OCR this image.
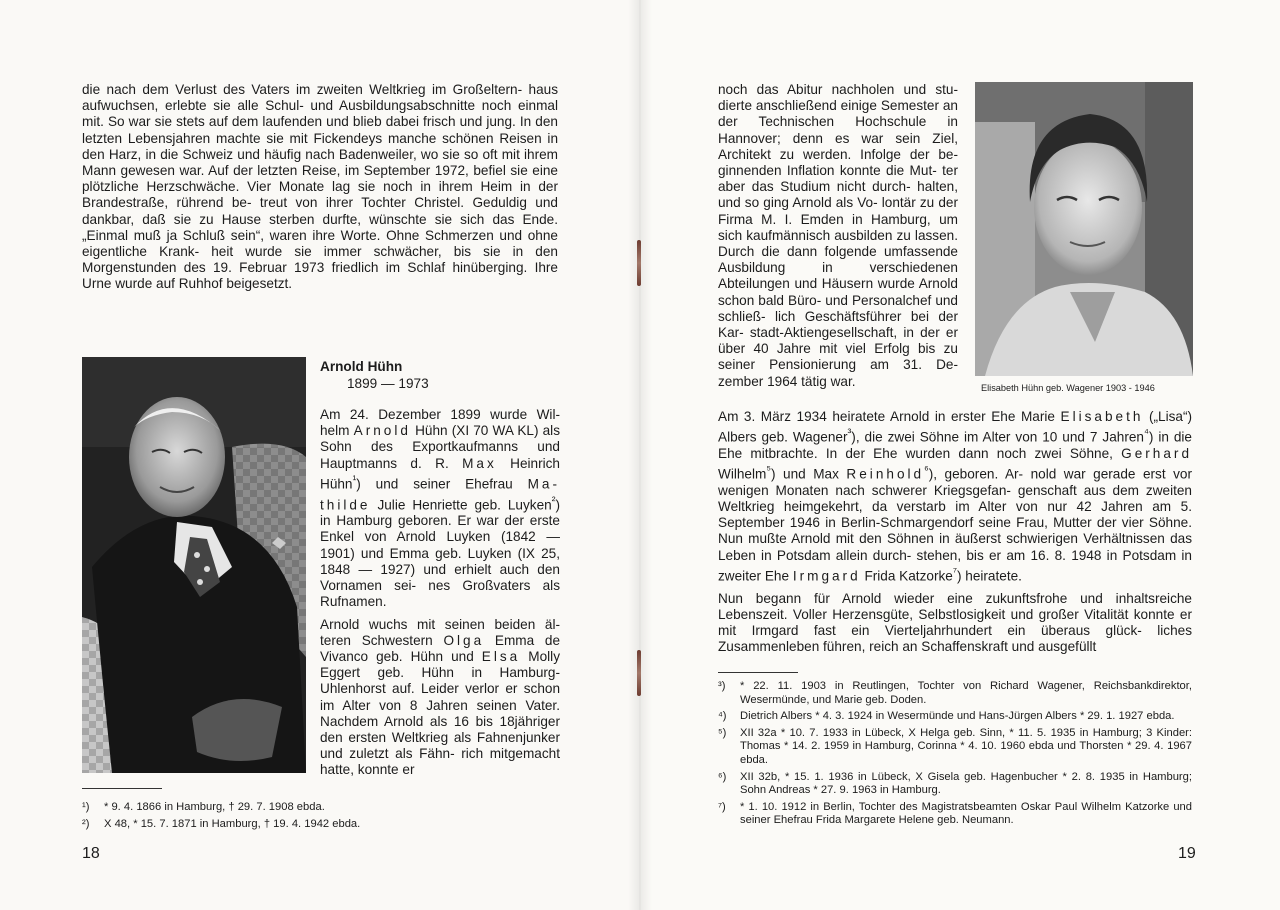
die nach dem Verlust des Vaters im zweiten Weltkrieg im Großeltern- haus aufwuchsen, erlebte sie alle Schul- und Ausbildungsabschnitte noch einmal mit. So war sie stets auf dem laufenden und blieb dabei frisch und jung. In den letzten Lebensjahren machte sie mit Fickendeys manche schönen Reisen in den Harz, in die Schweiz und häufig nach Badenweiler, wo sie so oft mit ihrem Mann gewesen war. Auf der letzten Reise, im September 1972, befiel sie eine plötzliche Herzschwäche. Vier Monate lag sie noch in ihrem Heim in der Brandestraße, rührend be- treut von ihrer Tochter Christel. Geduldig und dankbar, daß sie zu Hause sterben durfte, wünschte sie sich das Ende. „Einmal muß ja Schluß sein“, waren ihre Worte. Ohne Schmerzen und ohne eigentliche Krank- heit wurde sie immer schwächer, bis sie in den Morgenstunden des 19. Februar 1973 friedlich im Schlaf hinüberging. Ihre Urne wurde auf Ruhhof beigesetzt.

Arnold Hühn
1899 — 1973

Am 24. Dezember 1899 wurde Wil- helm Arnold Hühn (XI 70 WA KL) als Sohn des Exportkaufmanns und Hauptmanns d. R. Max Heinrich Hühn$^{^1}$) und seiner Ehefrau Ma- thilde Julie Henriette geb. Luyken$^{^2}$) in Hamburg geboren. Er war der erste Enkel von Arnold Luyken (1842 — 1901) und Emma geb. Luyken (IX 25, 1848 — 1927) und erhielt auch den Vornamen sei- nes Großvaters als Rufnamen.

Arnold wuchs mit seinen beiden äl- teren Schwestern Olga Emma de Vivanco geb. Hühn und Elsa Molly Eggert geb. Hühn in Hamburg- Uhlenhorst auf. Leider verlor er schon im Alter von 8 Jahren seinen Vater. Nachdem Arnold als 16 bis 18jähriger den ersten Weltkrieg als Fahnenjunker und zuletzt als Fähn- rich mitgemacht hatte, konnte er

¹)	* 9. 4. 1866 in Hamburg, † 29. 7. 1908 ebda.
²)	X 48, * 15. 7. 1871 in Hamburg, † 19. 4. 1942 ebda.
18

noch das Abitur nachholen und stu- dierte anschließend einige Semester an der Technischen Hochschule in Hannover; denn es war sein Ziel, Architekt zu werden. Infolge der be- ginnenden Inflation konnte die Mut- ter aber das Studium nicht durch- halten, und so ging Arnold als Vo- lontär zu der Firma M. I. Emden in Hamburg, um sich kaufmännisch ausbilden zu lassen. Durch die dann folgende umfassende Ausbildung in verschiedenen Abteilungen und Häusern wurde Arnold schon bald Büro- und Personalchef und schließ- lich Geschäftsführer bei der Kar- stadt-Aktiengesellschaft, in der er über 40 Jahre mit viel Erfolg bis zu seiner Pensionierung am 31. De- zember 1964 tätig war.	Elisabeth Hühn geb. Wagener 1903 - 1946

Am 3. März 1934 heiratete Arnold in erster Ehe Marie Elisabeth („Lisa“) Albers geb. Wagener$^{^3}$), die zwei Söhne im Alter von 10 und 7 Jahren$^{^4}$) in die Ehe mitbrachte. In der Ehe wurden dann noch zwei Söhne, Gerhard Wilhelm$^{^5}$) und Max Reinhold$^{^6}$), geboren. Ar- nold war gerade erst vor wenigen Monaten nach schwerer Kriegsgefan- genschaft aus dem zweiten Weltkrieg heimgekehrt, da verstarb im Alter von nur 42 Jahren am 5. September 1946 in Berlin-Schmargendorf seine Frau, Mutter der vier Söhne. Nun mußte Arnold mit den Söhnen in äußerst schwierigen Verhältnissen das Leben in Potsdam allein durch- stehen, bis er am 16. 8. 1948 in Potsdam in zweiter Ehe Irmgard Frida Katzorke$^{^7}$) heiratete.

Nun begann für Arnold wieder eine zukunftsfrohe und inhaltsreiche Lebenszeit. Voller Herzensgüte, Selbstlosigkeit und großer Vitalität konnte er mit Irmgard fast ein Vierteljahrhundert ein überaus glück- liches Zusammenleben führen, reich an Schaffenskraft und ausgefüllt

³)	* 22. 11. 1903 in Reutlingen, Tochter von Richard Wagener, Reichsbankdirektor, Wesermünde, und Marie geb. Doden.
⁴)	Dietrich Albers * 4. 3. 1924 in Wesermünde und Hans-Jürgen Albers * 29. 1. 1927 ebda.
⁵)	XII 32a * 10. 7. 1933 in Lübeck, X Helga geb. Sinn, * 11. 5. 1935 in Hamburg; 3 Kinder: Thomas * 14. 2. 1959 in Hamburg, Corinna * 4. 10. 1960 ebda und Thorsten * 29. 4. 1967 ebda.
⁶)	XII 32b, * 15. 1. 1936 in Lübeck, X Gisela geb. Hagenbucher * 2. 8. 1935 in Hamburg; Sohn Andreas * 27. 9. 1963 in Hamburg.
⁷)	* 1. 10. 1912 in Berlin, Tochter des Magistratsbeamten Oskar Paul Wilhelm Katzorke und seiner Ehefrau Frida Margarete Helene geb. Neumann.
19
